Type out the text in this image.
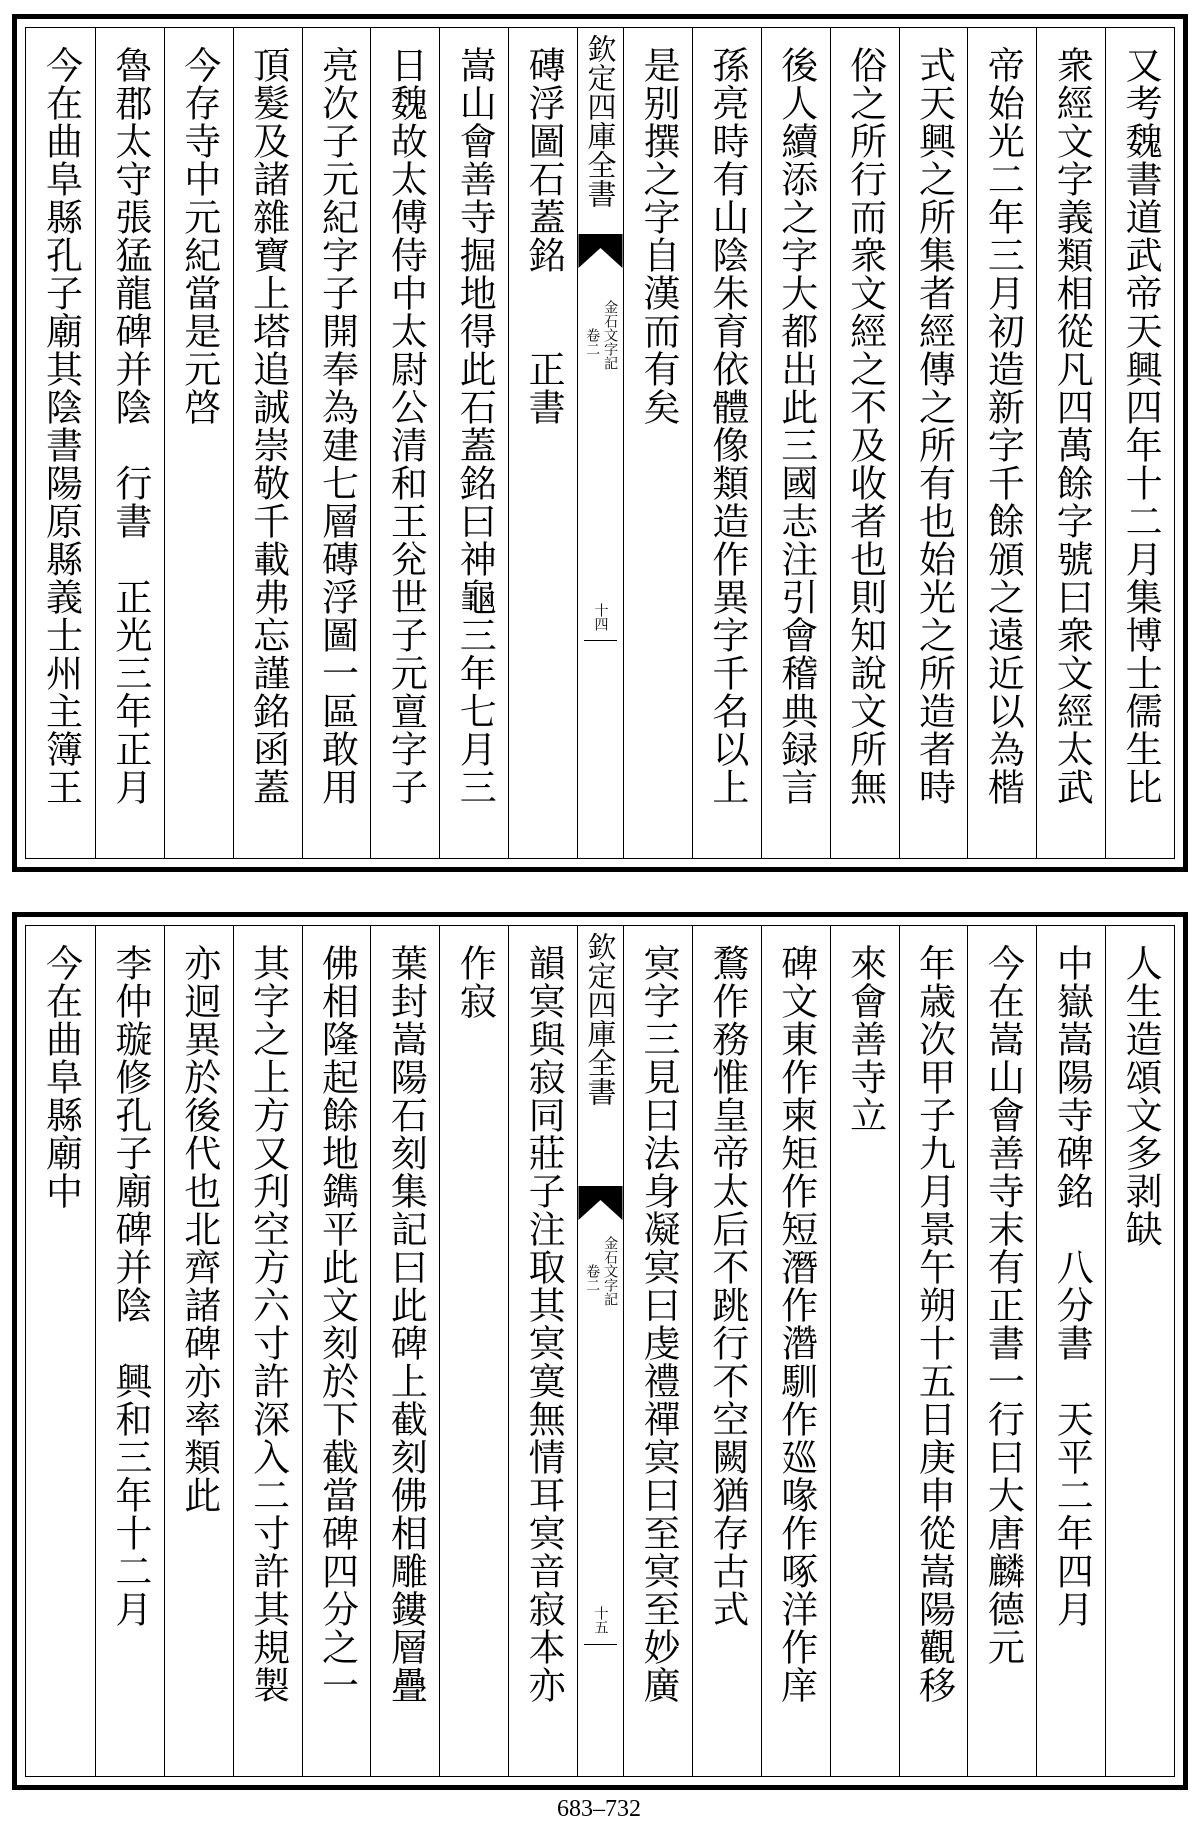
又考魏書道武帝天興四年十二月集博士儒生比
衆經文字義類相從凡四萬餘字號曰衆文經太武
帝始光二年三月初造新字千餘頒之遠近以為楷
式天興之所集者經傳之所有也始光之所造者時
俗之所行而衆文經之不及收者也則知說文所無
後人續添之字大都出此三國志注引會稽典録言
孫亮時有山陰朱育依體像類造作異字千名以上
是别撰之字自漢而有矣
欽定四庫全書
金石文字記
卷二
十四
磚浮圖石蓋銘　　正書
嵩山會善寺掘地得此石蓋銘曰神龜三年七月三
日魏故太傅侍中太尉公清和王兊世子元亶字子
亮次子元紀字子開奉為建七層磚浮圖一區敢用
頂髮及諸雜寶上塔追誠崇敬千載弗忘謹銘函蓋
今存寺中元紀當是元啓
魯郡太守張猛龍碑并陰　行書　正光三年正月
今在曲阜縣孔子廟其陰書陽原縣義士州主簿王
人生造頌文多剥缺
中嶽嵩陽寺碑銘　八分書　天平二年四月
今在嵩山會善寺末有正書一行曰大唐麟德元
年歳次甲子九月景午朔十五日庚申從嵩陽觀移
來會善寺立
碑文東作柬矩作短潛作濳馴作廵喙作啄洋作庠
鶩作務惟皇帝太后不跳行不空闕猶存古式
㝠字三見曰法身凝㝠曰虔禮禪㝠曰至㝠至妙廣
欽定四庫全書
金石文字記
卷二
十五
韻㝠與寂同莊子注取其㝠寞無情耳㝠音寂本亦
作寂
葉封嵩陽石刻集記曰此碑上截刻佛相雕鏤層疊
佛相隆起餘地鐫平此文刻於下截當碑四分之一
其字之上方又刋空方六寸許深入二寸許其規製
亦迥異於後代也北齊諸碑亦率類此
李仲璇修孔子廟碑并陰　興和三年十二月
今在曲阜縣廟中
683–732
